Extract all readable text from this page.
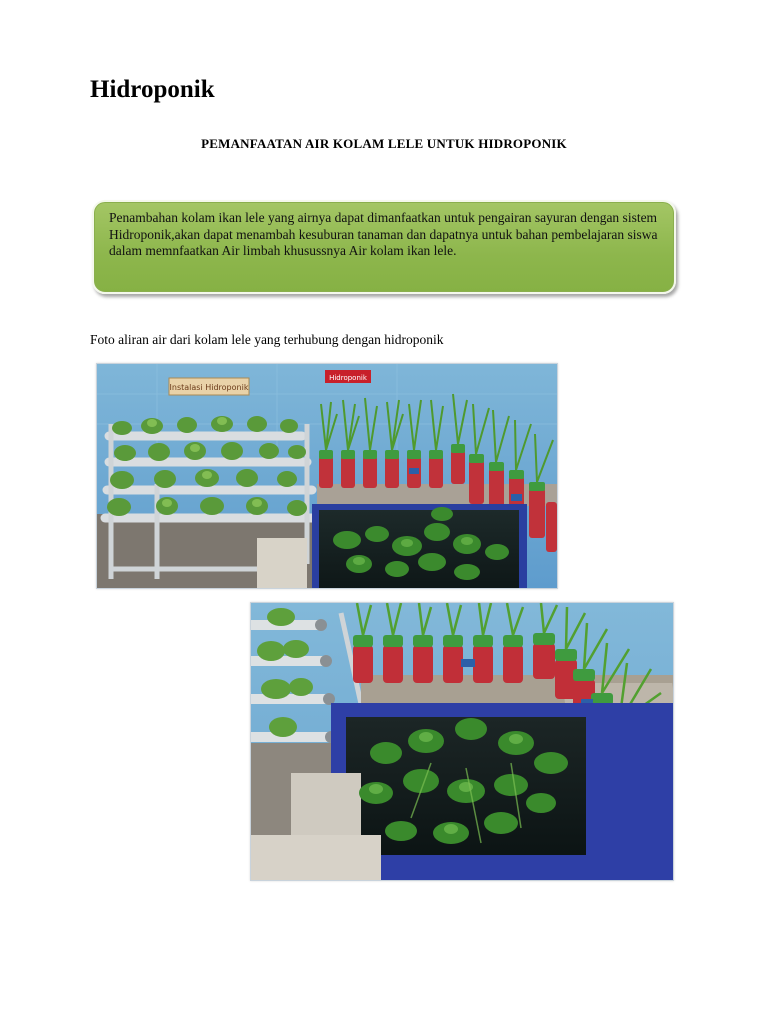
Hidroponik

PEMANFAATAN AIR KOLAM LELE UNTUK HIDROPONIK

Penambahan kolam ikan lele yang airnya dapat dimanfaatkan untuk pengairan sayuran dengan sistem Hidroponik,akan dapat menambah kesuburan tanaman dan dapatnya untuk bahan pembelajaran siswa dalam memnfaatkan Air limbah khusussnya Air kolam ikan lele.

Foto aliran air dari kolam lele yang terhubung dengan hidroponik

Instalasi Hidroponik
Hidroponik
